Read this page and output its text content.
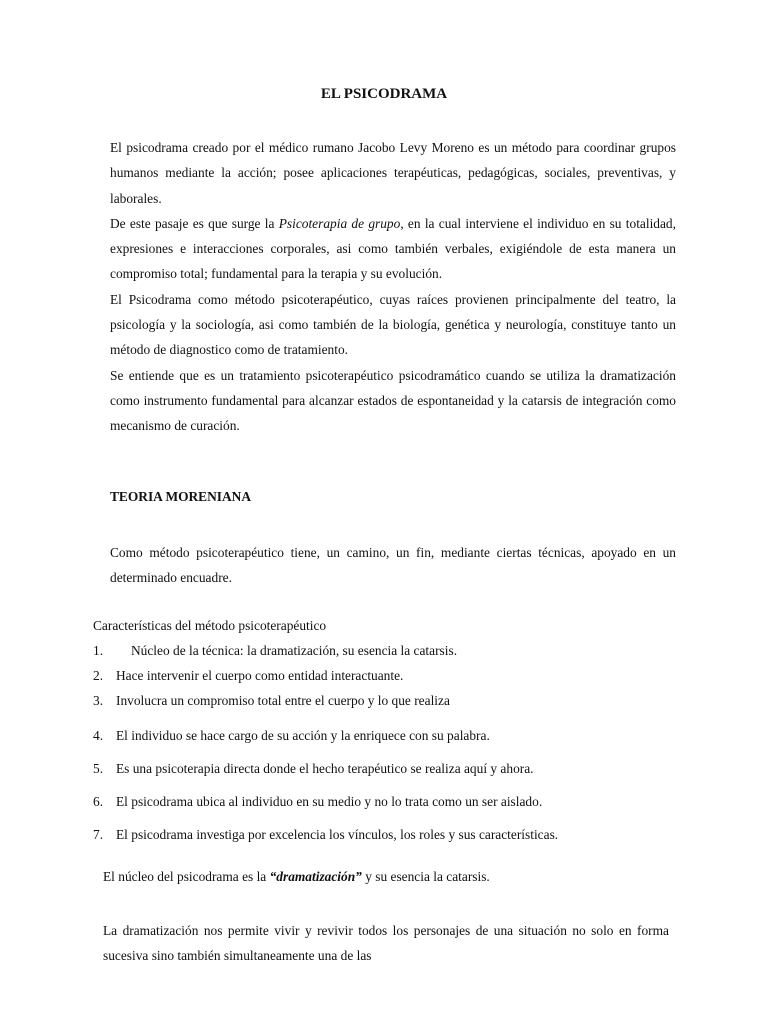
EL PSICODRAMA

El psicodrama creado por el médico rumano Jacobo Levy Moreno es un método para coordinar grupos humanos mediante la acción; posee aplicaciones terapéuticas, pedagógicas, sociales, preventivas, y laborales.

De este pasaje es que surge la Psicoterapia de grupo, en la cual interviene el individuo en su totalidad, expresiones e interacciones corporales, asi como también verbales, exigiéndole de esta manera un compromiso total; fundamental para la terapia y su evolución.

El Psicodrama como método psicoterapéutico, cuyas raíces provienen principalmente del teatro, la psicología y la sociología, asi como también de la biología, genética y neurología, constituye tanto un método de diagnostico como de tratamiento.

Se entiende que es un tratamiento psicoterapéutico psicodramático cuando se utiliza la dramatización como instrumento fundamental para alcanzar estados de espontaneidad y la catarsis de integración como mecanismo de curación.

TEORIA MORENIANA

Como método psicoterapéutico tiene, un camino, un fin, mediante ciertas técnicas, apoyado en un determinado encuadre.

Características del método psicoterapéutico

1. Núcleo de la técnica: la dramatización, su esencia la catarsis.
2. Hace intervenir el cuerpo como entidad interactuante.
3. Involucra un compromiso total entre el cuerpo y lo que realiza
4. El individuo se hace cargo de su acción y la enriquece con su palabra.
5. Es una psicoterapia directa donde el hecho terapéutico se realiza aquí y ahora.
6. El psicodrama ubica al individuo en su medio y no lo trata como un ser aislado.
7. El psicodrama investiga por excelencia los vínculos, los roles y sus características.

El núcleo del psicodrama es la “dramatización” y su esencia la catarsis.

La dramatización nos permite vivir y revivir todos los personajes de una situación no solo en forma sucesiva sino también simultaneamente una de las
